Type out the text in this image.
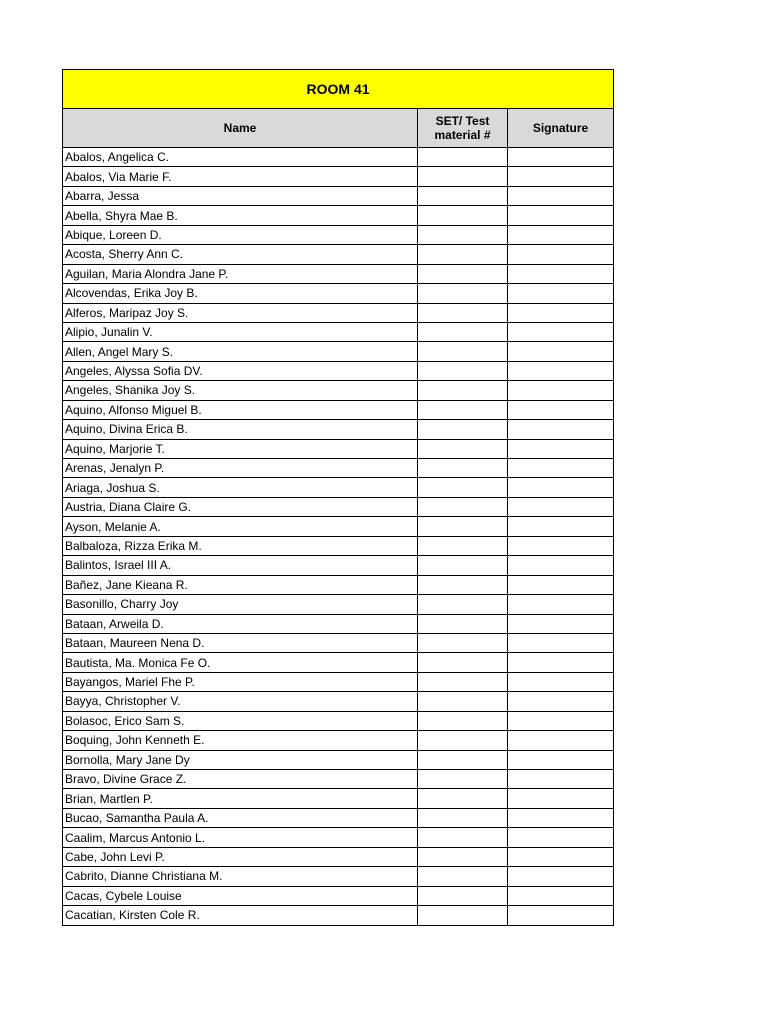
ROOM 41		
Name	SET/ Test material #	Signature
Abalos, Angelica C.		
Abalos, Via Marie F.		
Abarra, Jessa		
Abella, Shyra Mae B.		
Abique, Loreen D.		
Acosta, Sherry Ann C.		
Aguilan, Maria Alondra Jane P.		
Alcovendas, Erika Joy B.		
Alferos, Maripaz Joy S.		
Alipio, Junalin V.		
Allen, Angel Mary S.		
Angeles, Alyssa Sofia DV.		
Angeles, Shanika Joy S.		
Aquino, Alfonso Miguel B.		
Aquino, Divina Erica B.		
Aquino, Marjorie T.		
Arenas, Jenalyn P.		
Ariaga, Joshua S.		
Austria, Diana Claire G.		
Ayson, Melanie A.		
Balbaloza, Rizza Erika M.		
Balintos, Israel III A.		
Bañez, Jane Kieana R.		
Basonillo, Charry Joy		
Bataan, Arweila D.		
Bataan, Maureen Nena D.		
Bautista, Ma. Monica Fe O.		
Bayangos, Mariel Fhe P.		
Bayya, Christopher V.		
Bolasoc, Erico Sam S.		
Boquing, John Kenneth E.		
Bornolla, Mary Jane Dy		
Bravo, Divine Grace Z.		
Brian, Martlen P.		
Bucao, Samantha Paula A.		
Caalim, Marcus Antonio L.		
Cabe, John Levi P.		
Cabrito, Dianne Christiana M.		
Cacas, Cybele Louise		
Cacatian, Kirsten Cole R.		
